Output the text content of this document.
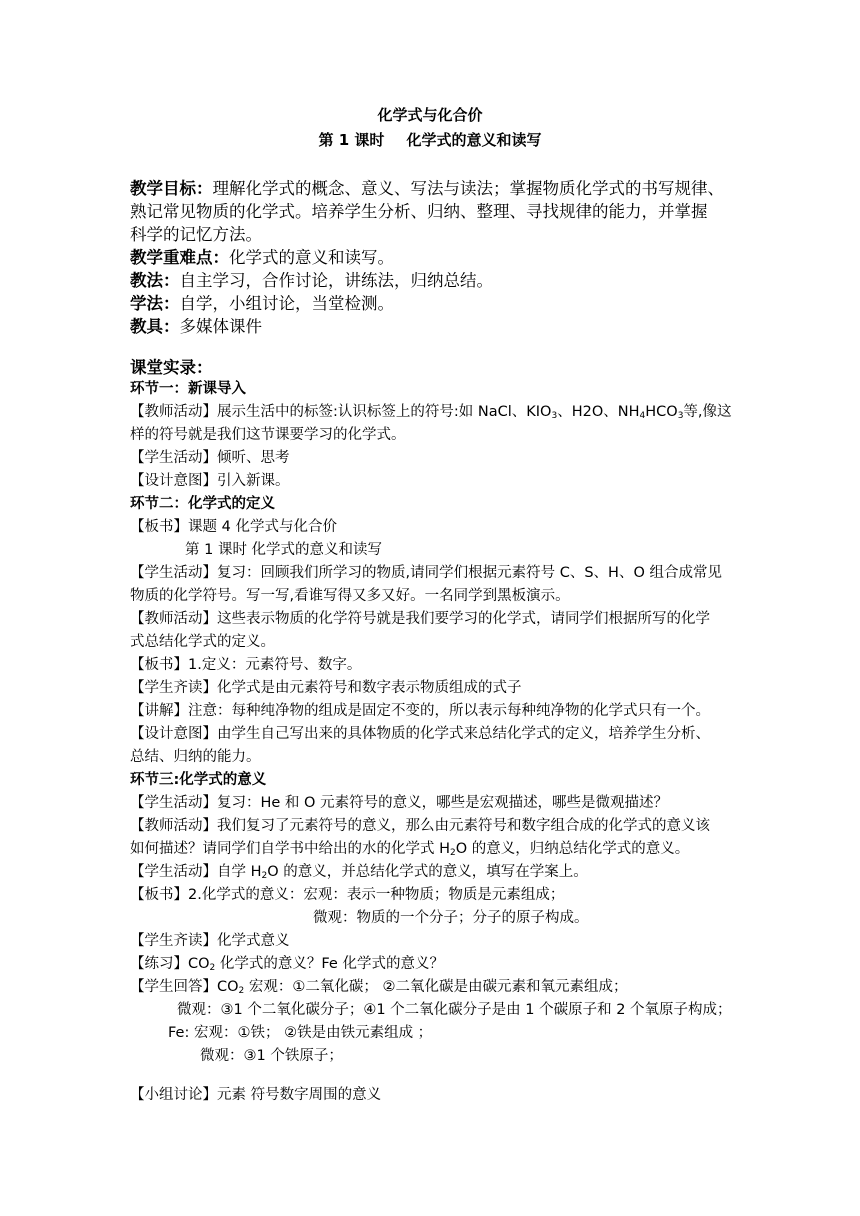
化学式与化合价
第 1 课时 化学式的意义和读写
教学目标：理解化学式的概念、意义、写法与读法；掌握物质化学式的书写规律、
熟记常见物质的化学式。培养学生分析、归纳、整理、寻找规律的能力，并掌握
科学的记忆方法。
教学重难点：化学式的意义和读写。
教法：自主学习，合作讨论，讲练法，归纳总结。
学法：自学，小组讨论，当堂检测。
教具：多媒体课件
课堂实录：
环节一：新课导入
【教师活动】展示生活中的标签:认识标签上的符号:如 NaCl、$KIO_3$、H2O、$NH_4HCO_3$等,像这
样的符号就是我们这节课要学习的化学式。
【学生活动】倾听、思考
【设计意图】引入新课。
环节二：化学式的定义
【板书】课题 4 化学式与化合价
第 1 课时 化学式的意义和读写
【学生活动】复习：回顾我们所学习的物质,请同学们根据元素符号 C、S、H、O 组合成常见
物质的化学符号。写一写,看谁写得又多又好。一名同学到黑板演示。
【教师活动】这些表示物质的化学符号就是我们要学习的化学式，请同学们根据所写的化学
式总结化学式的定义。
【板书】1.定义：元素符号、数字。
【学生齐读】化学式是由元素符号和数字表示物质组成的式子
【讲解】注意：每种纯净物的组成是固定不变的，所以表示每种纯净物的化学式只有一个。
【设计意图】由学生自己写出来的具体物质的化学式来总结化学式的定义，培养学生分析、
总结、归纳的能力。
环节三:化学式的意义
【学生活动】复习：He 和 O 元素符号的意义，哪些是宏观描述，哪些是微观描述？
【教师活动】我们复习了元素符号的意义，那么由元素符号和数字组合成的化学式的意义该
如何描述？请同学们自学书中给出的水的化学式 $H_2O$ 的意义，归纳总结化学式的意义。
【学生活动】自学 $H_2O$ 的意义，并总结化学式的意义，填写在学案上。
【板书】2.化学式的意义：宏观：表示一种物质；物质是元素组成；
微观：物质的一个分子；分子的原子构成。
【学生齐读】化学式意义
【练习】$CO_2$ 化学式的意义？Fe 化学式的意义？
【学生回答】$CO_2$ 宏观：①二氧化碳； ②二氧化碳是由碳元素和氧元素组成；
微观：③1 个二氧化碳分子；④1 个二氧化碳分子是由 1 个碳原子和 2 个氧原子构成；
Fe: 宏观：①铁； ②铁是由铁元素组成 ；
微观：③1 个铁原子；
【小组讨论】元素 符号数字周围的意义
